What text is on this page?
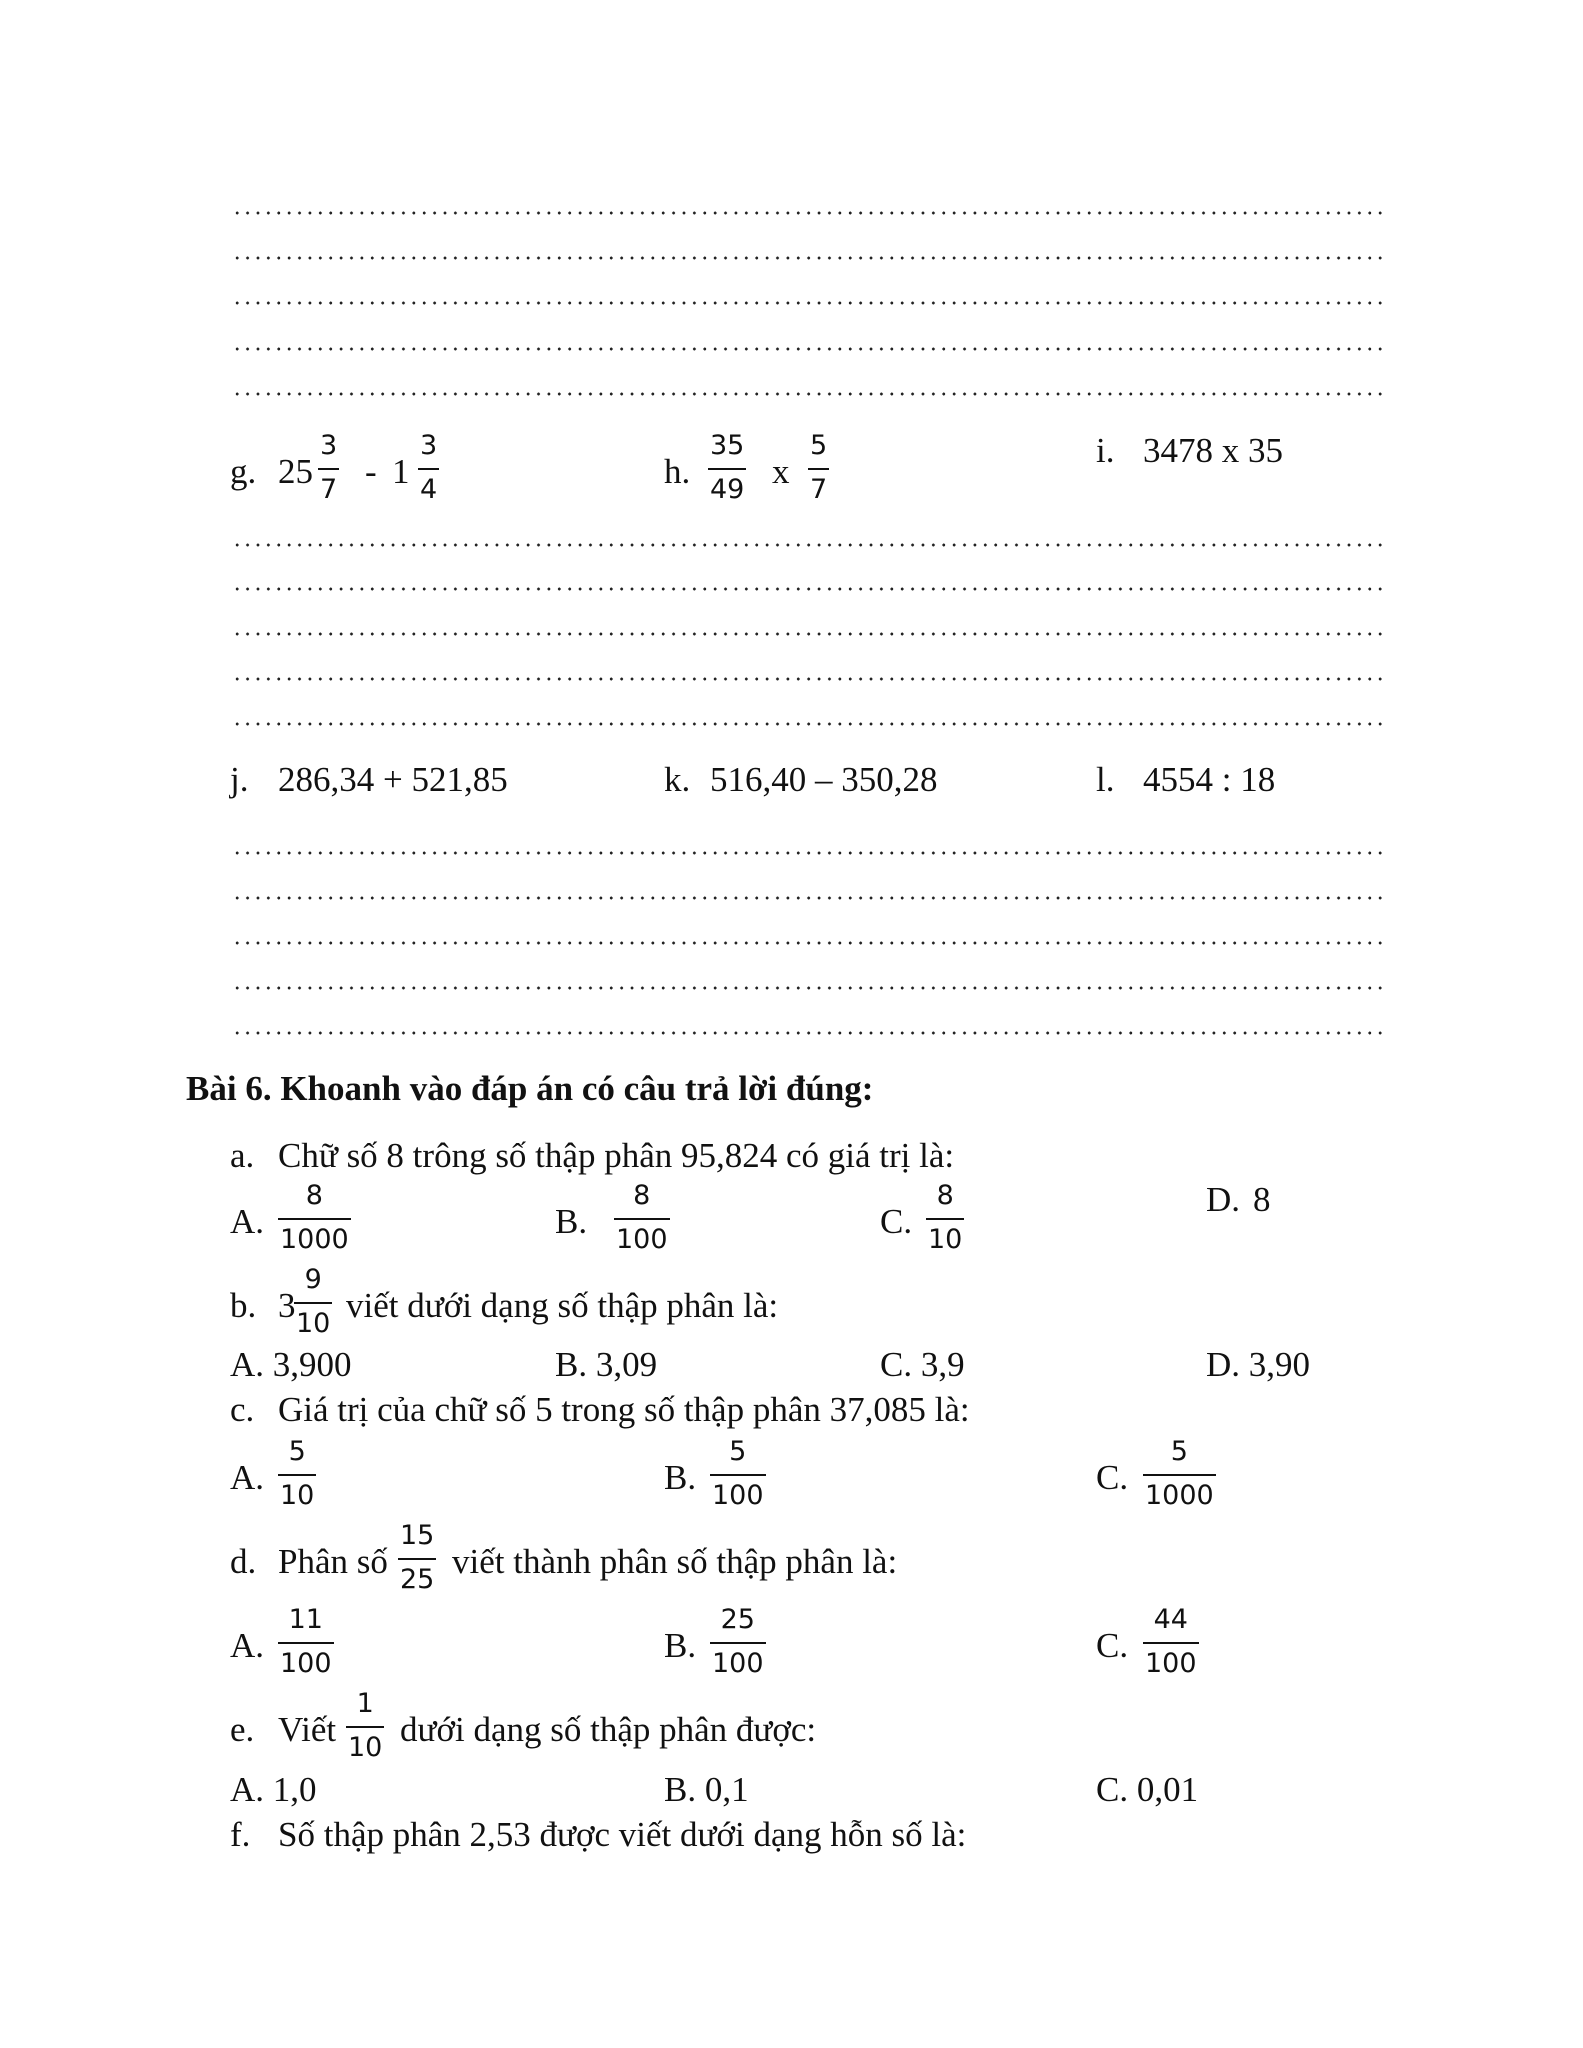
g. 25
3
7 - 1
3
4	h.
35
49 x
5
7
i. 3478 x 35
j. 286,34 + 521,85	k. 516,40 – 350,28	l. 4554 : 18
Bài 6. Khoanh vào đáp án có câu trả lời đúng:
a. Chữ số 8 trông số thập phân 95,824 có giá trị là:
A.
8
1000	B.
8
100	C.
8
10
D. 8
b. 3
9
10 viết dưới dạng số thập phân là:
A. 3,900	B. 3,09	C. 3,9	D. 3,90
c. Giá trị của chữ số 5 trong số thập phân 37,085 là:
A.
5
10	B.
5
100	C.
5
1000
d. Phân số
15
25 viết thành phân số thập phân là:
A.
11
100	B.
25
100	C.
44
100
e. Viết
1
10 dưới dạng số thập phân được:
A. 1,0	B. 0,1	C. 0,01
f. Số thập phân 2,53 được viết dưới dạng hỗn số là:
